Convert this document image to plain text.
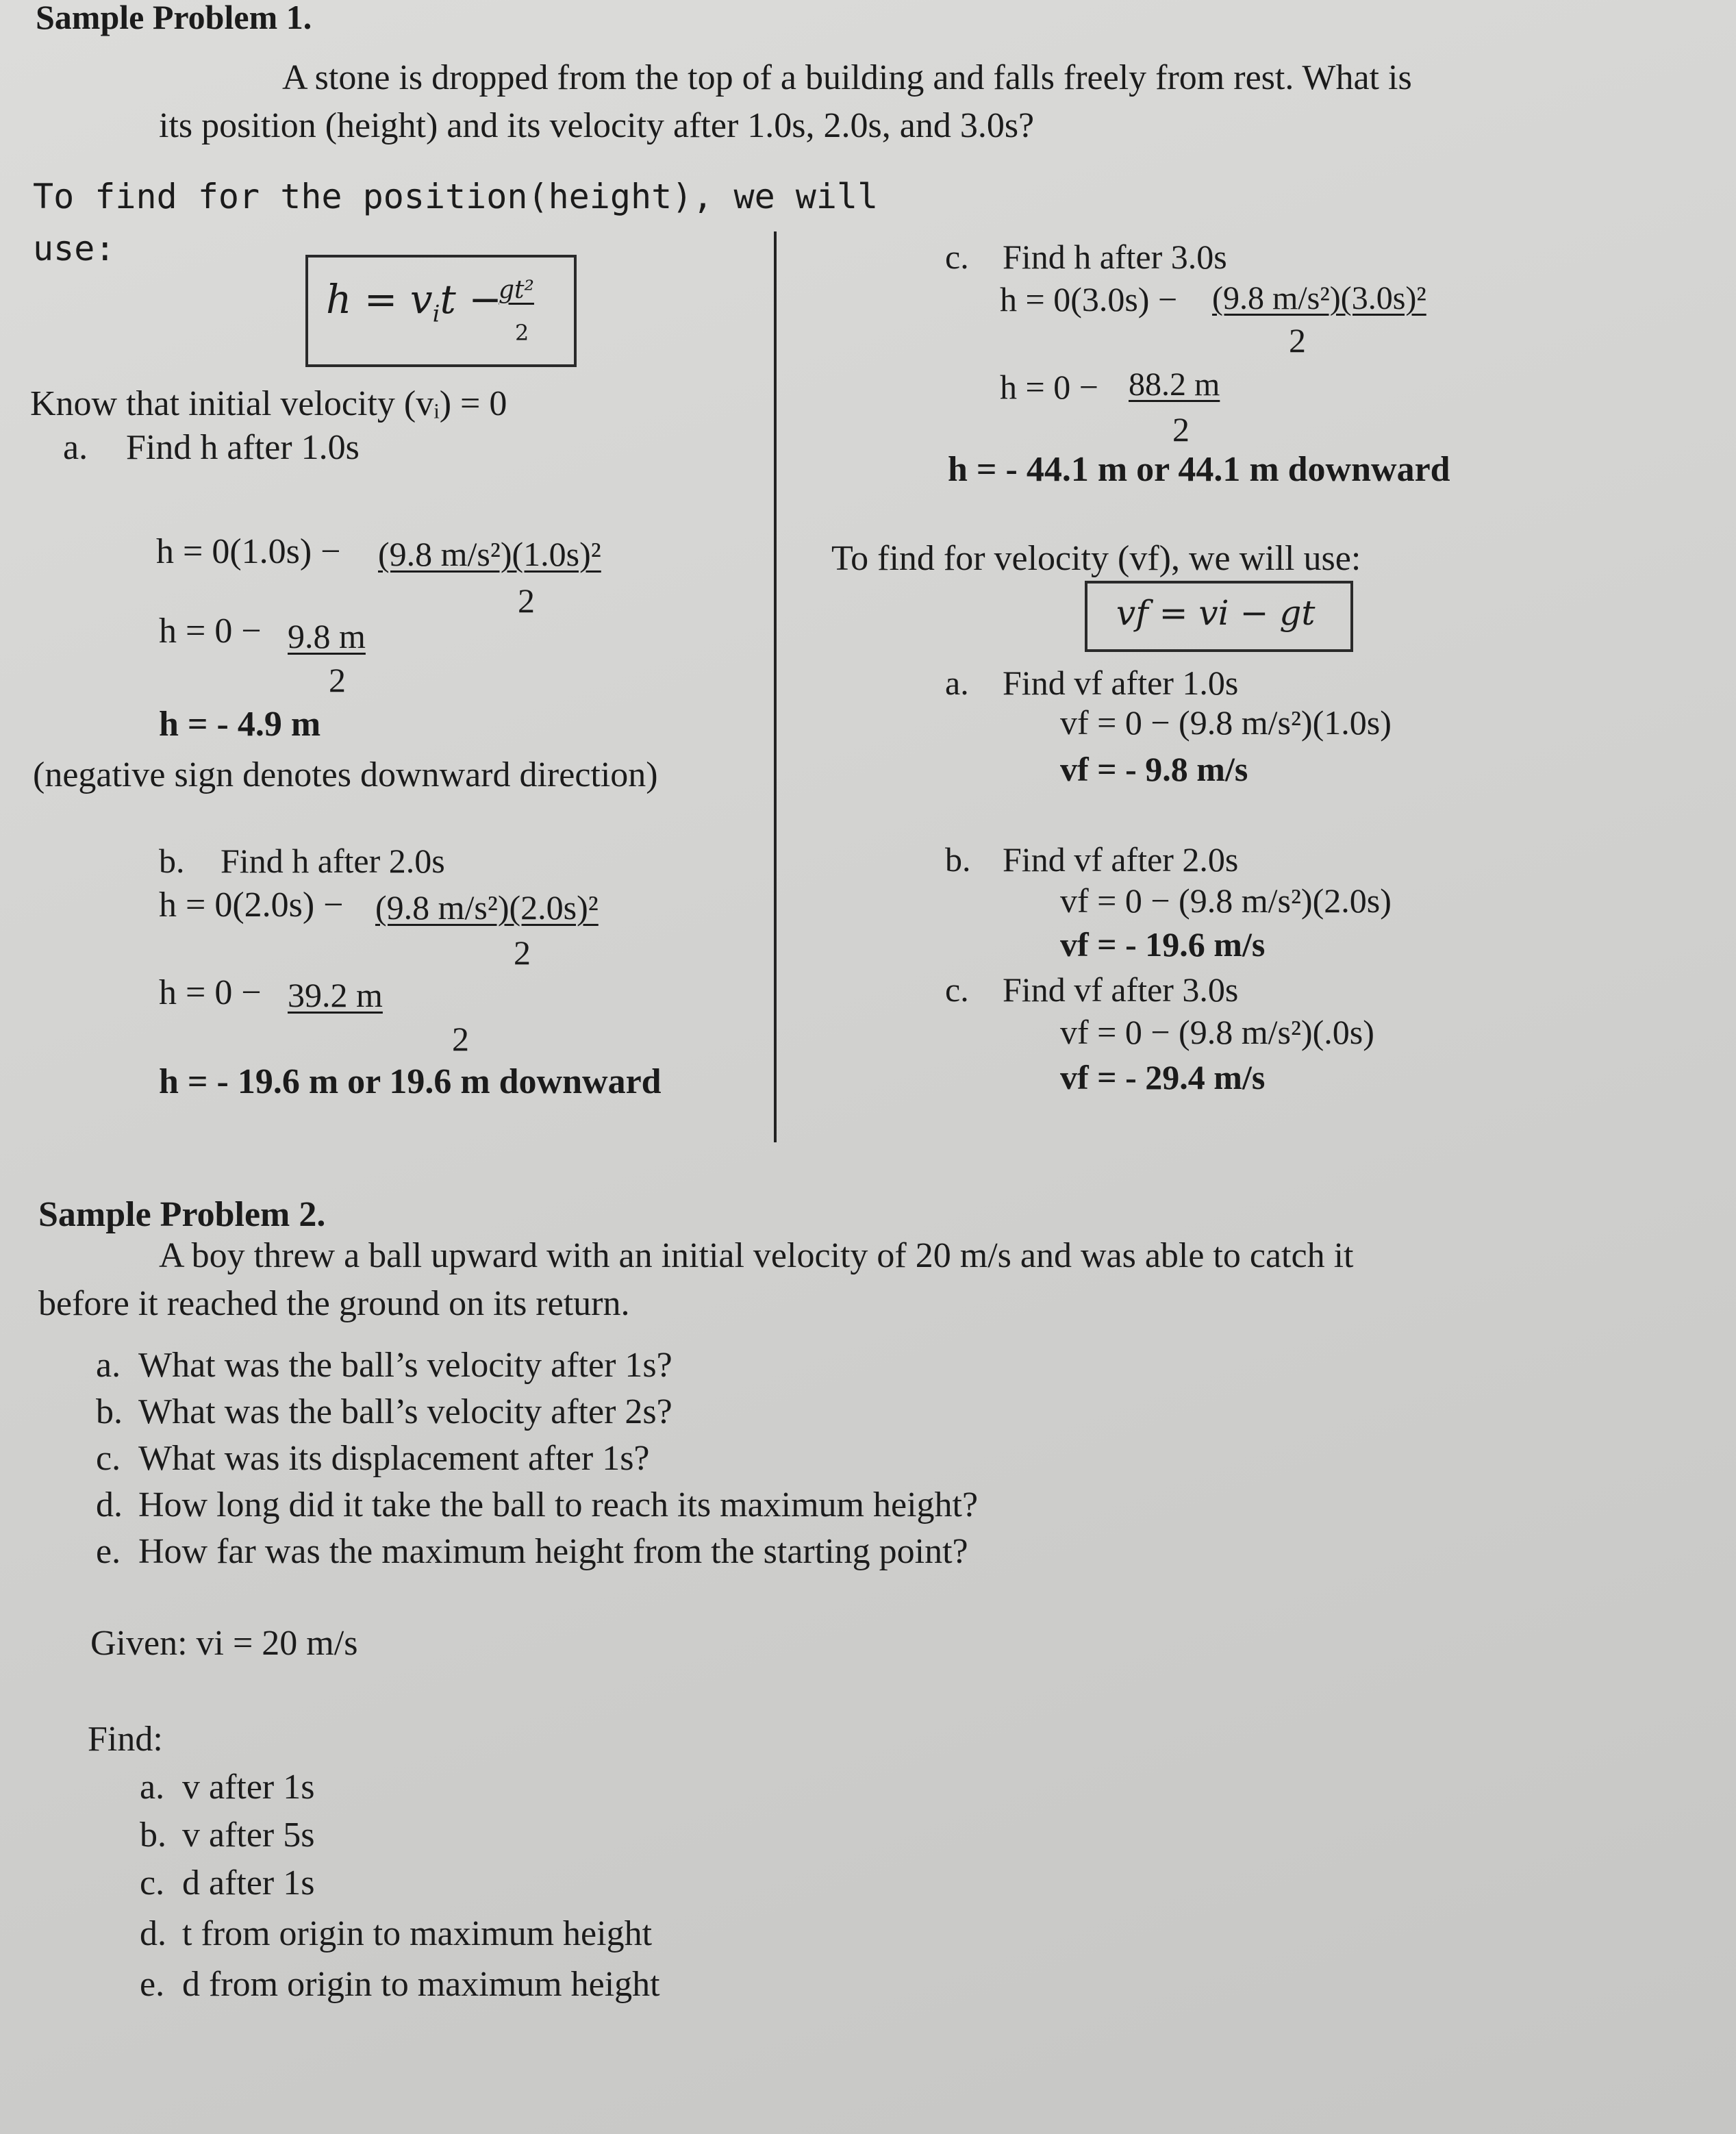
Sample Problem 1.
A stone is dropped from the top of a building and falls freely from rest. What is
its position (height) and its velocity after 1.0s, 2.0s, and 3.0s?
To find for the position(height), we will
use:
$h = v_it$ −
gt²
2
Know that initial velocity (vᵢ) = 0
a. Find h after 1.0s
h = 0(1.0s) − (9.8 m/s²)(1.0s)²
2
h = 0 − 9.8 m
2
h = - 4.9 m
(negative sign denotes downward direction)
b. Find h after 2.0s
h = 0(2.0s) − (9.8 m/s²)(2.0s)²
2
h = 0 − 39.2 m
2
h = - 19.6 m or 19.6 m downward
c. Find h after 3.0s
h = 0(3.0s) − (9.8 m/s²)(3.0s)²
2
h = 0 − 88.2 m
2
h = - 44.1 m or 44.1 m downward
To find for velocity (vf), we will use:
vf = vi − gt
a. Find vf after 1.0s
vf = 0 − (9.8 m/s²)(1.0s)
vf = - 9.8 m/s
b. Find vf after 2.0s
vf = 0 − (9.8 m/s²)(2.0s)
vf = - 19.6 m/s
c. Find vf after 3.0s
vf = 0 − (9.8 m/s²)(.0s)
vf = - 29.4 m/s
Sample Problem 2.
A boy threw a ball upward with an initial velocity of 20 m/s and was able to catch it
before it reached the ground on its return.
a. What was the ball’s velocity after 1s?
b. What was the ball’s velocity after 2s?
c. What was its displacement after 1s?
d. How long did it take the ball to reach its maximum height?
e. How far was the maximum height from the starting point?
Given: vi = 20 m/s
Find:
a. v after 1s
b. v after 5s
c. d after 1s
d. t from origin to maximum height
e. d from origin to maximum height
